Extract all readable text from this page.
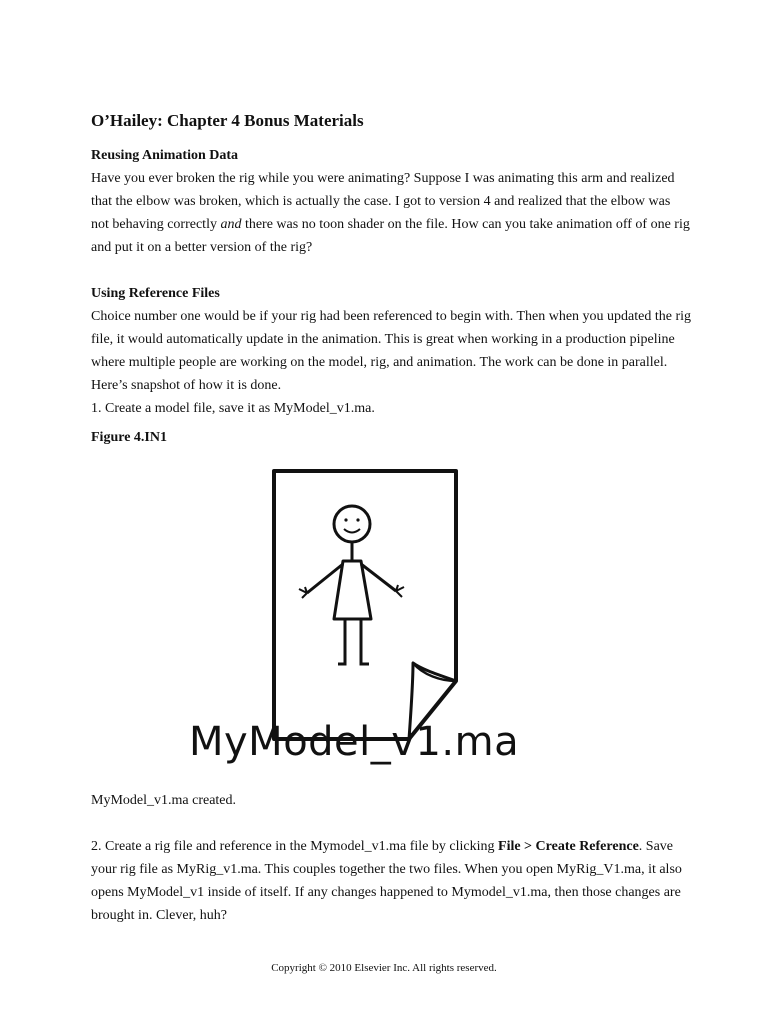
O’Hailey: Chapter 4 Bonus Materials

Reusing Animation Data

Have you ever broken the rig while you were animating? Suppose I was animating this arm and realized that the elbow was broken, which is actually the case. I got to version 4 and realized that the elbow was not behaving correctly and there was no toon shader on the file. How can you take animation off of one rig and put it on a better version of the rig?

Using Reference Files

Choice number one would be if your rig had been referenced to begin with. Then when you updated the rig file, it would automatically update in the animation. This is great when working in a production pipeline where multiple people are working on the model, rig, and animation. The work can be done in parallel. Here’s snapshot of how it is done.

1. Create a model file, save it as MyModel_v1.ma.

Figure 4.IN1

MyModel_v1.ma

MyModel_v1.ma created.

2. Create a rig file and reference in the Mymodel_v1.ma file by clicking File > Create Reference. Save your rig file as MyRig_v1.ma. This couples together the two files. When you open MyRig_V1.ma, it also opens MyModel_v1 inside of itself. If any changes happened to Mymodel_v1.ma, then those changes are brought in. Clever, huh?

Copyright © 2010 Elsevier Inc. All rights reserved.
